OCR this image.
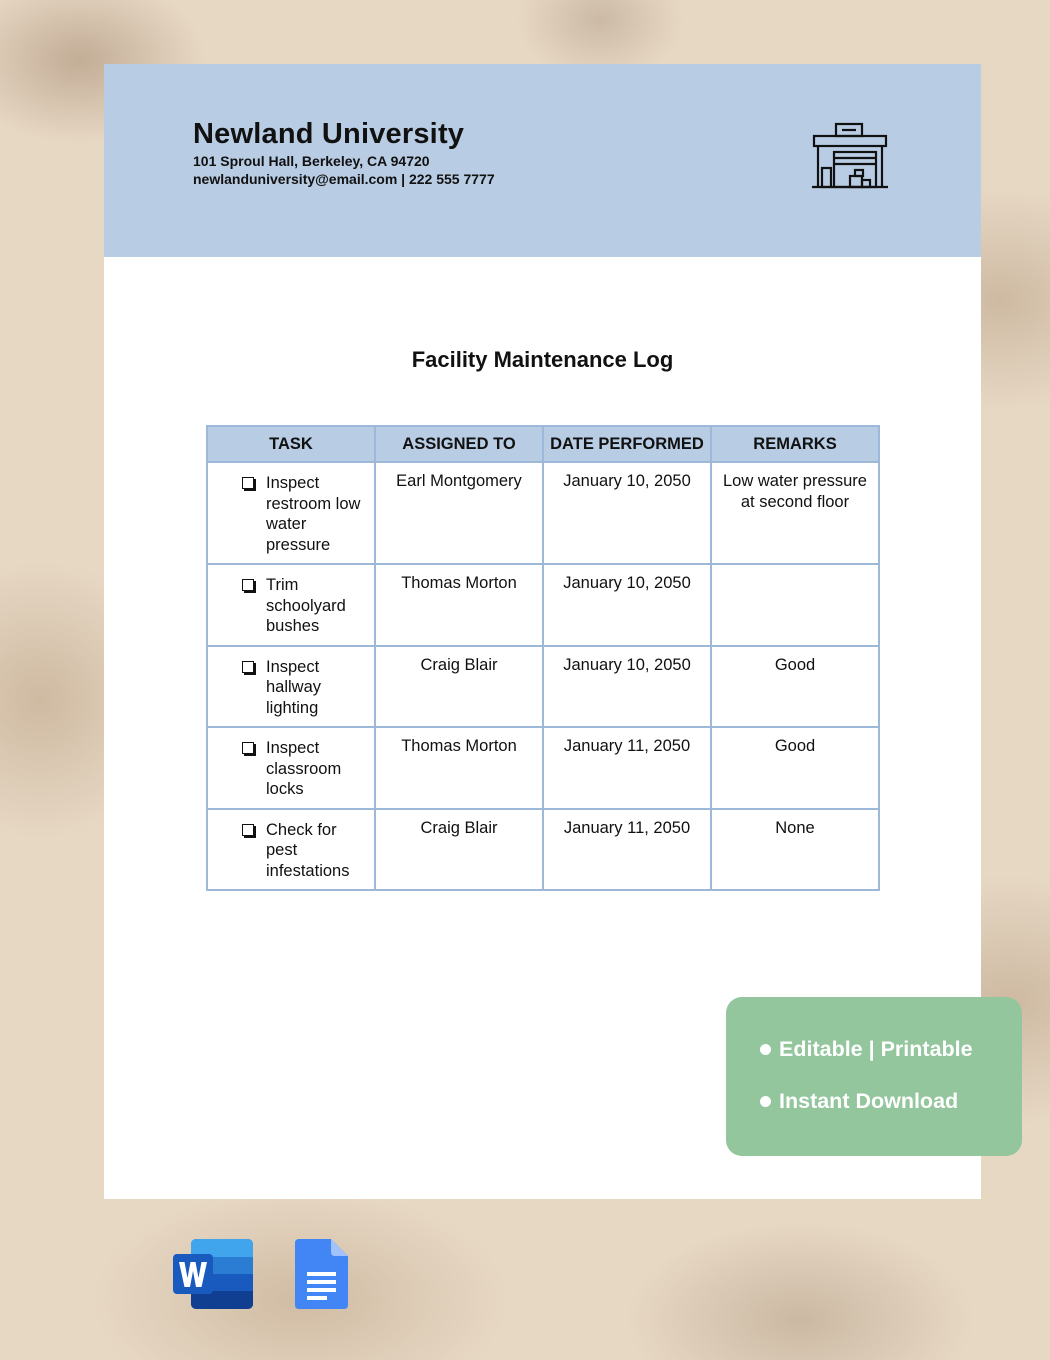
Newland University
101 Sproul Hall, Berkeley, CA 94720
newlanduniversity@email.com | 222 555 7777
Facility Maintenance Log
TASK	ASSIGNED TO	DATE PERFORMED	REMARKS

Inspect restroom low water pressure	Earl Montgomery	January 10, 2050	Low water pressure at second floor

Trim schoolyard bushes	Thomas Morton	January 10, 2050	

Inspect hallway lighting	Craig Blair	January 10, 2050	Good

Inspect classroom locks	Thomas Morton	January 11, 2050	Good

Check for pest infestations	Craig Blair	January 11, 2050	None
Editable | Printable
Instant Download
